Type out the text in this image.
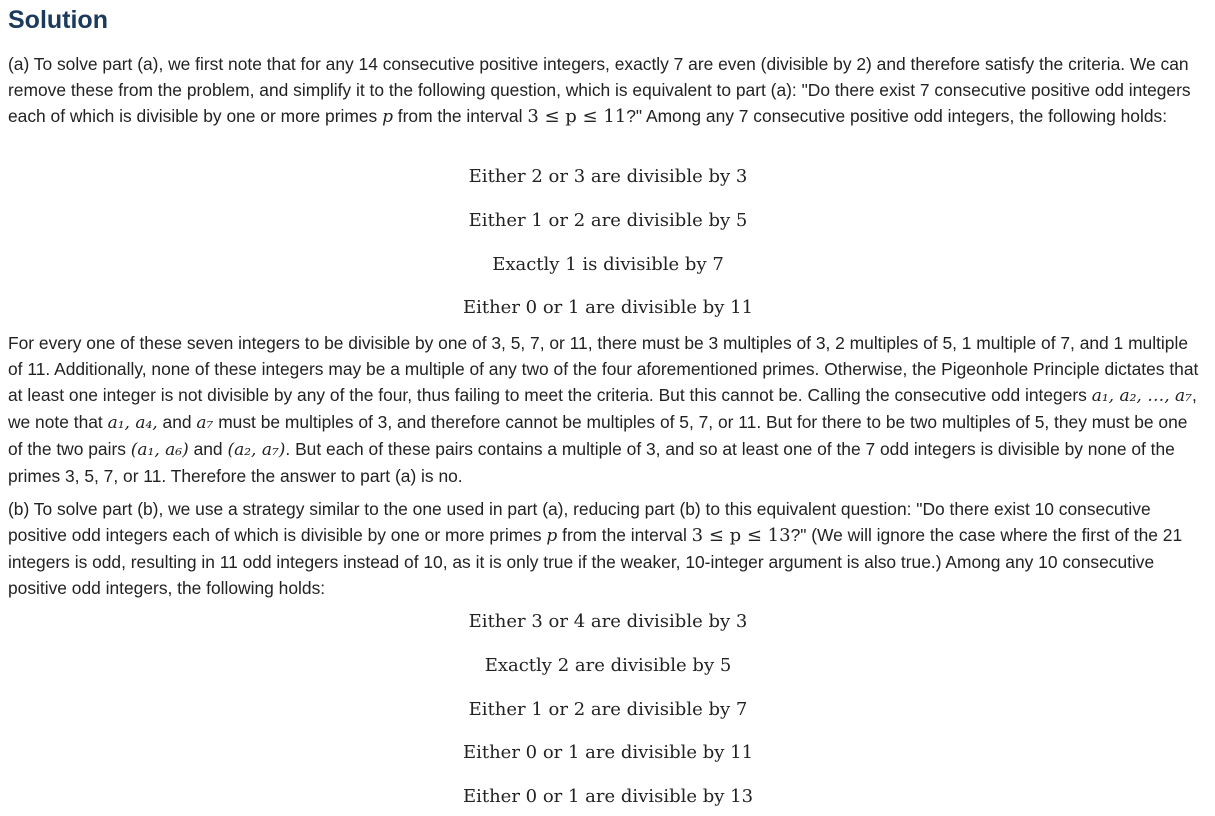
Solution

(a) To solve part (a), we first note that for any 14 consecutive positive integers, exactly 7 are even (divisible by 2) and therefore satisfy the criteria. We can remove these from the problem, and simplify it to the following question, which is equivalent to part (a): "Do there exist 7 consecutive positive odd integers each of which is divisible by one or more primes p from the interval 3 ≤ p ≤ 11?" Among any 7 consecutive positive odd integers, the following holds:

Either 2 or 3 are divisible by 3

Either 1 or 2 are divisible by 5

Exactly 1 is divisible by 7

Either 0 or 1 are divisible by 11

For every one of these seven integers to be divisible by one of 3, 5, 7, or 11, there must be 3 multiples of 3, 2 multiples of 5, 1 multiple of 7, and 1 multiple of 11. Additionally, none of these integers may be a multiple of any two of the four aforementioned primes. Otherwise, the Pigeonhole Principle dictates that at least one integer is not divisible by any of the four, thus failing to meet the criteria. But this cannot be. Calling the consecutive odd integers a₁, a₂, …, a₇, we note that a₁, a₄, and a₇ must be multiples of 3, and therefore cannot be multiples of 5, 7, or 11. But for there to be two multiples of 5, they must be one of the two pairs (a₁, a₆) and (a₂, a₇). But each of these pairs contains a multiple of 3, and so at least one of the 7 odd integers is divisible by none of the primes 3, 5, 7, or 11. Therefore the answer to part (a) is no.

(b) To solve part (b), we use a strategy similar to the one used in part (a), reducing part (b) to this equivalent question: "Do there exist 10 consecutive positive odd integers each of which is divisible by one or more primes p from the interval 3 ≤ p ≤ 13?" (We will ignore the case where the first of the 21 integers is odd, resulting in 11 odd integers instead of 10, as it is only true if the weaker, 10-integer argument is also true.) Among any 10 consecutive positive odd integers, the following holds:

Either 3 or 4 are divisible by 3

Exactly 2 are divisible by 5

Either 1 or 2 are divisible by 7

Either 0 or 1 are divisible by 11

Either 0 or 1 are divisible by 13
